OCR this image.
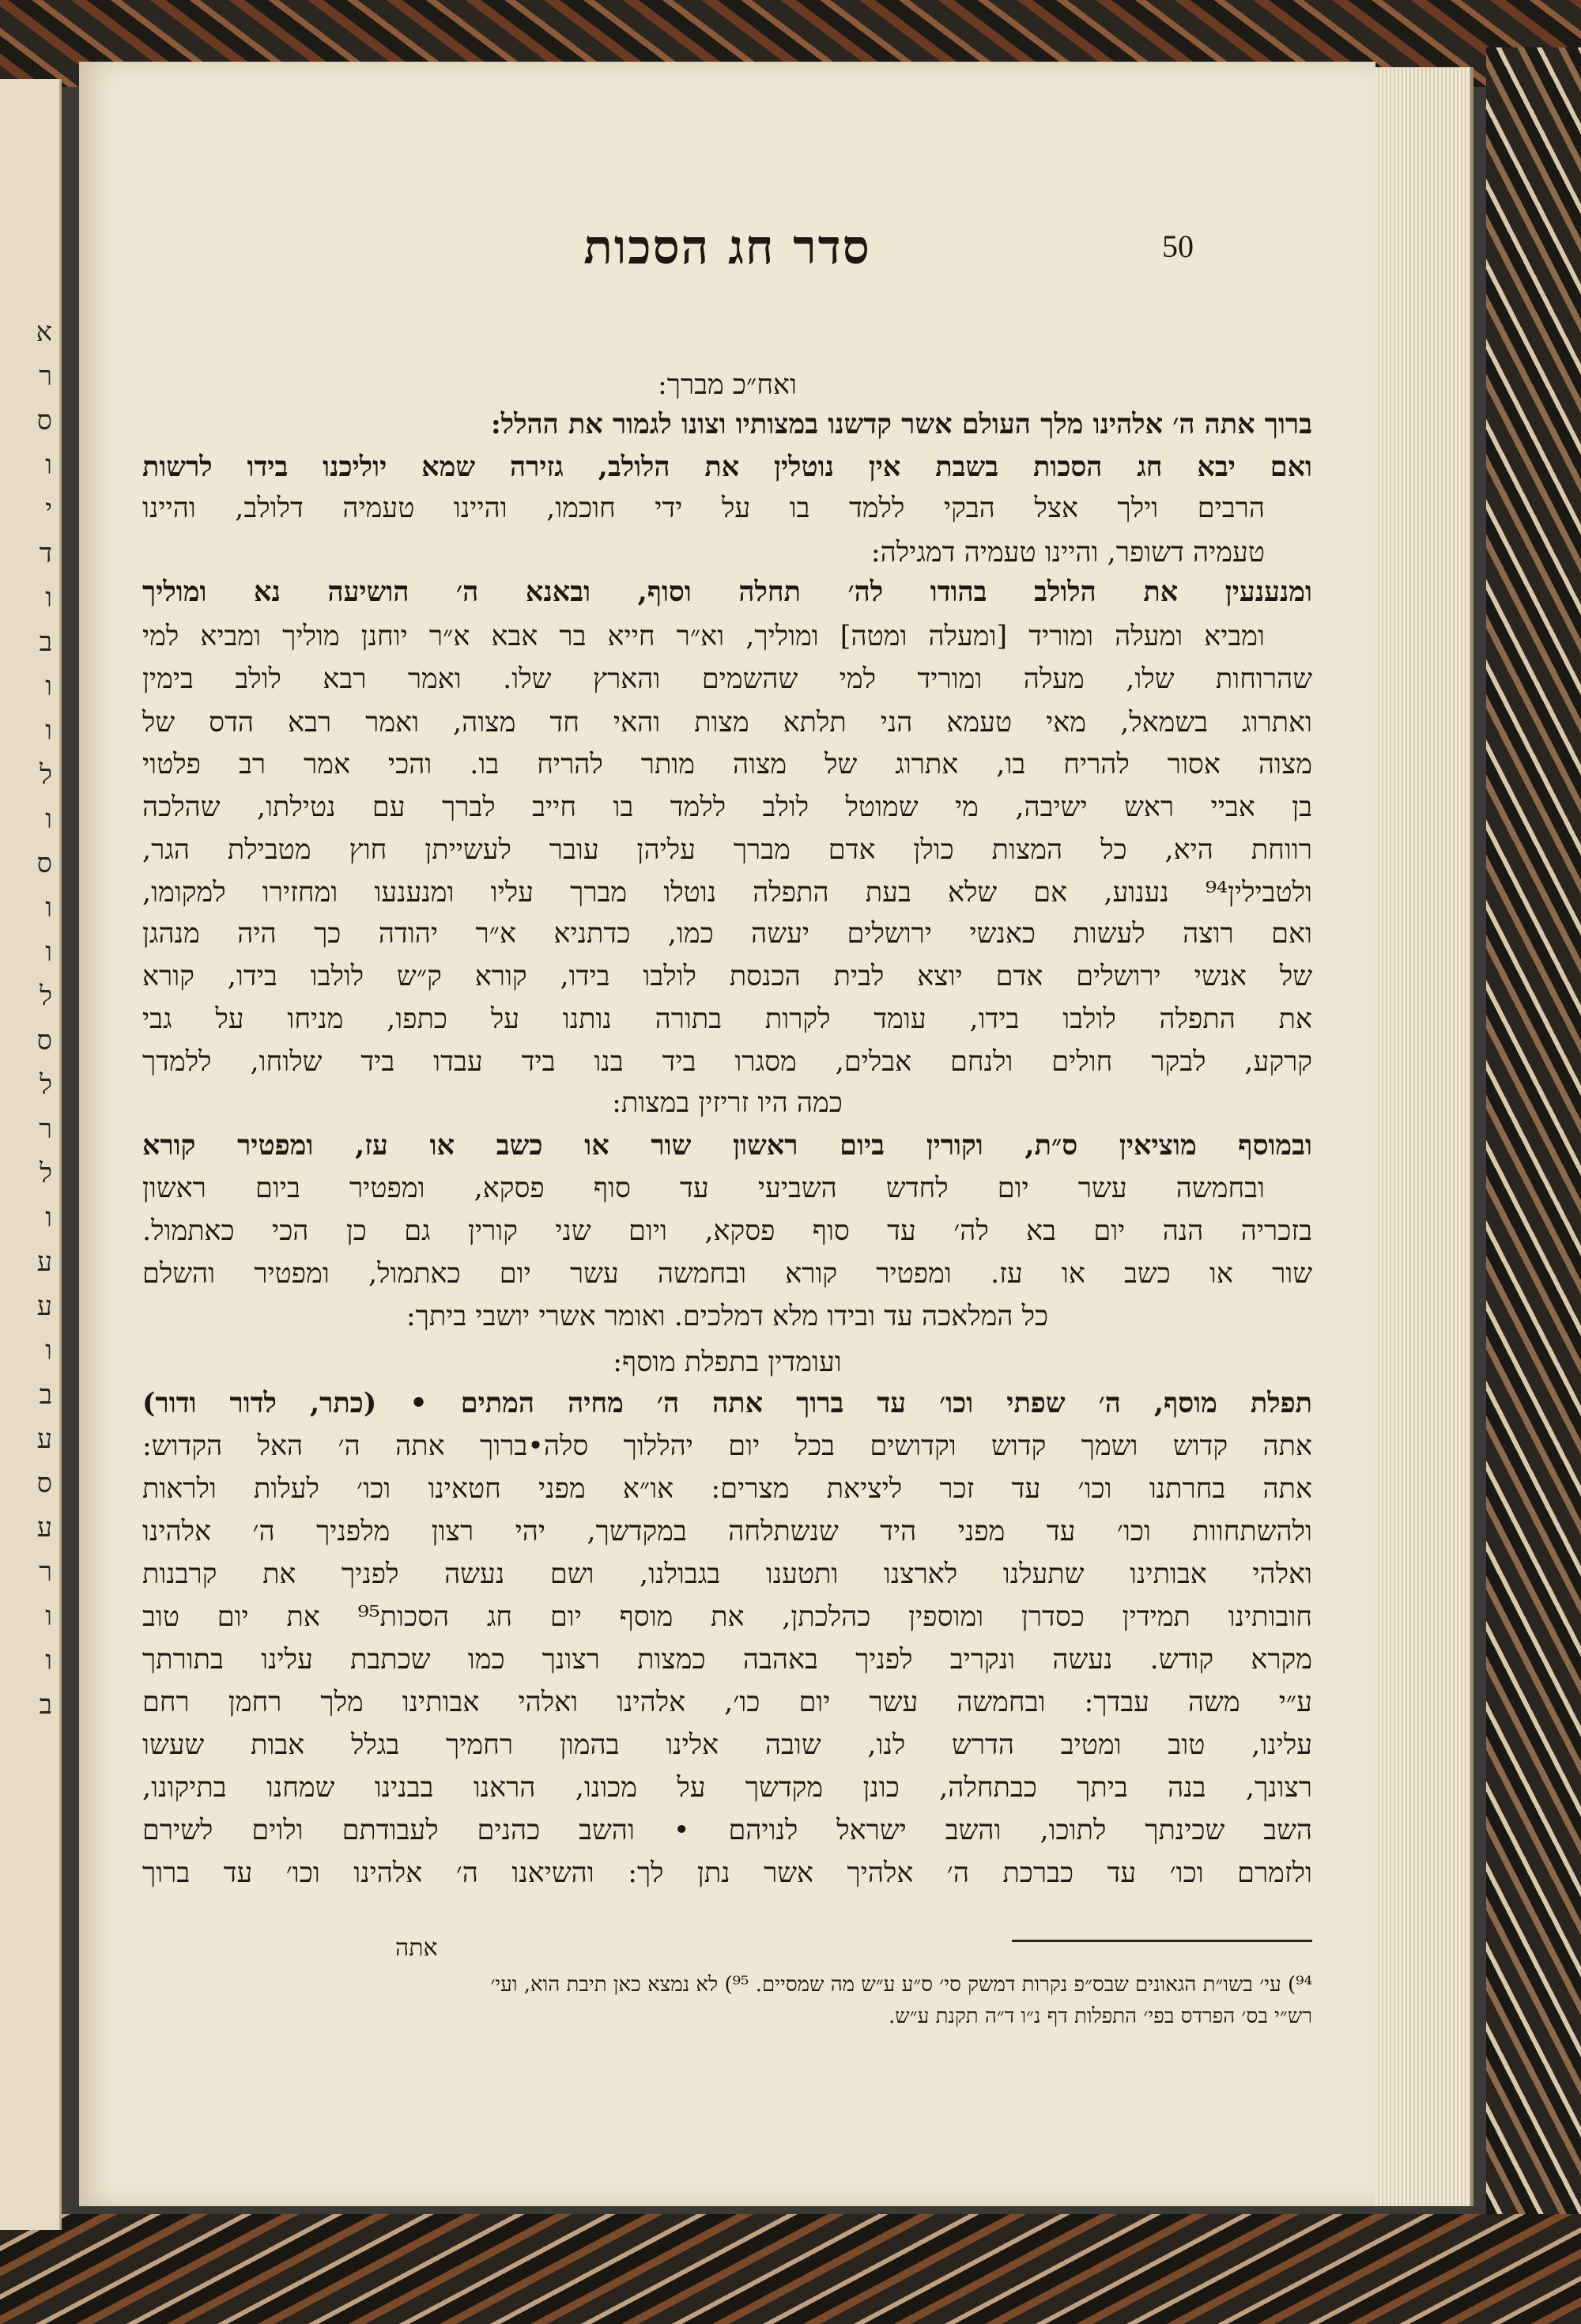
א
ר
ס
ו
י
ד
ו
ב
ו
ו
ל
ו
ס
ו
ו
ל
ס
ל
ר
ל
ו
ע
ע
ו
ב
ע
ס
ע
ר
ו
ו
ב
50
סדר חג הסכות
ואח״כ מברך:
ברוך אתה ה׳ אלהינו מלך העולם אשר קדשנו במצותיו וצונו לגמור את ההלל:
ואם יבא חג הסכות בשבת אין נוטלין את הלולב, גזירה שמא יוליכנו בידו לרשות
הרבים וילך אצל הבקי ללמד בו על ידי חוכמו, והיינו טעמיה דלולב, והיינו
טעמיה דשופר, והיינו טעמיה דמגילה:
ומנענעין את הלולב בהודו לה׳ תחלה וסוף, ובאנא ה׳ הושיעה נא ומוליך
ומביא ומעלה ומוריד [ומעלה ומטה] ומוליך, וא״ר חייא בר אבא א״ר יוחנן מוליך ומביא למי
שהרוחות שלו, מעלה ומוריד למי שהשמים והארץ שלו. ואמר רבא לולב בימין
ואתרוג בשמאל, מאי טעמא הני תלתא מצות והאי חד מצוה, ואמר רבא הדס של
מצוה אסור להריח בו, אתרוג של מצוה מותר להריח בו. והכי אמר רב פלטוי
בן אביי ראש ישיבה, מי שמוטל לולב ללמד בו חייב לברך עם נטילתו, שהלכה
רווחת היא, כל המצות כולן אדם מברך עליהן עובר לעשייתן חוץ מטבילת הגר,
ולטבילין⁹⁴ נענוע, אם שלא בעת התפלה נוטלו מברך עליו ומנענעו ומחזירו למקומו,
ואם רוצה לעשות כאנשי ירושלים יעשה כמו, כדתניא א״ר יהודה כך היה מנהגן
של אנשי ירושלים אדם יוצא לבית הכנסת לולבו בידו, קורא ק״ש לולבו בידו, קורא
את התפלה לולבו בידו, עומד לקרות בתורה נותנו על כתפו, מניחו על גבי
קרקע, לבקר חולים ולנחם אבלים, מסגרו ביד בנו ביד עבדו ביד שלוחו, ללמדך
כמה היו זריזין במצות:
ובמוסף מוציאין ס״ת, וקורין ביום ראשון שור או כשב או עז, ומפטיר קורא
ובחמשה עשר יום לחדש השביעי עד סוף פסקא, ומפטיר ביום ראשון
בזכריה הנה יום בא לה׳ עד סוף פסקא, ויום שני קורין גם כן הכי כאתמול.
שור או כשב או עז. ומפטיר קורא ובחמשה עשר יום כאתמול, ומפטיר והשלם
כל המלאכה עד ובידו מלא דמלכים. ואומר אשרי יושבי ביתך:
ועומדין בתפלת מוסף:
תפלת מוסף, ה׳ שפתי וכו׳ עד ברוך אתה ה׳ מחיה המתים • (כתר, לדור ודור)
אתה קדוש ושמך קדוש וקדושים בכל יום יהללוך סלה•ברוך אתה ה׳ האל הקדוש:
אתה בחרתנו וכו׳ עד זכר ליציאת מצרים: או״א מפני חטאינו וכו׳ לעלות ולראות
ולהשתחוות וכו׳ עד מפני היד שנשתלחה במקדשך, יהי רצון מלפניך ה׳ אלהינו
ואלהי אבותינו שתעלנו לארצנו ותטענו בגבולנו, ושם נעשה לפניך את קרבנות
חובותינו תמידין כסדרן ומוספין כהלכתן, את מוסף יום חג הסכות⁹⁵ את יום טוב
מקרא קודש. נעשה ונקריב לפניך באהבה כמצות רצונך כמו שכתבת עלינו בתורתך
ע״י משה עבדך: ובחמשה עשר יום כו׳, אלהינו ואלהי אבותינו מלך רחמן רחם
עלינו, טוב ומטיב הדרש לנו, שובה אלינו בהמון רחמיך בגלל אבות שעשו
רצונך, בנה ביתך כבתחלה, כונן מקדשך על מכונו, הראנו בבנינו שמחנו בתיקונו,
השב שכינתך לתוכו, והשב ישראל לנויהם • והשב כהנים לעבודתם ולוים לשירם
ולזמרם וכו׳ עד כברכת ה׳ אלהיך אשר נתן לך: והשיאנו ה׳ אלהינו וכו׳ עד ברוך
אתה
⁹⁴) עי׳ בשו״ת הגאונים שבס״פ נקרות דמשק סי׳ ס״ע ע״ש מה שמסיים. ⁹⁵) לא נמצא כאן תיבת הוא, ועי׳
רש״י בס׳ הפרדס בפי׳ התפלות דף נ״ו ד״ה תקנת ע״ש.
